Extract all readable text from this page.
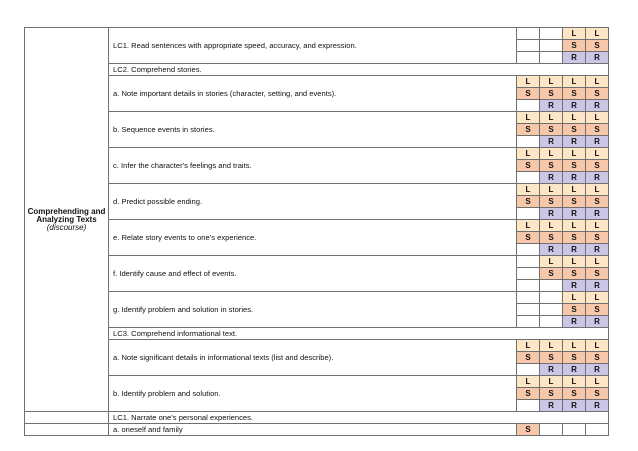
Comprehending and Analyzing Texts
(discourse)	LC1. Read sentences with appropriate speed, accuracy, and expression.			L	L
				S	S
				R	R
	LC2. Comprehend stories.				
	a. Note important details in stories (character, setting, and events).	L	L	L	L
		S	S	S	S
			R	R	R
	b. Sequence events in stories.	L	L	L	L
		S	S	S	S
			R	R	R
	c. Infer the character's feelings and traits.	L	L	L	L
		S	S	S	S
			R	R	R
	d. Predict possible ending.	L	L	L	L
		S	S	S	S
			R	R	R
	e. Relate story events to one’s experience.	L	L	L	L
		S	S	S	S
			R	R	R
	f. Identify cause and effect of events.		L	L	L
			S	S	S
				R	R
	g. Identify problem and solution in stories.			L	L
				S	S
				R	R
	LC3. Comprehend informational text.				
	a. Note significant details in informational texts (list and describe).	L	L	L	L
		S	S	S	S
			R	R	R
	b. Identify problem and solution.	L	L	L	L
		S	S	S	S
			R	R	R
	LC1. Narrate one’s personal experiences.				
	a. oneself and family	S			
